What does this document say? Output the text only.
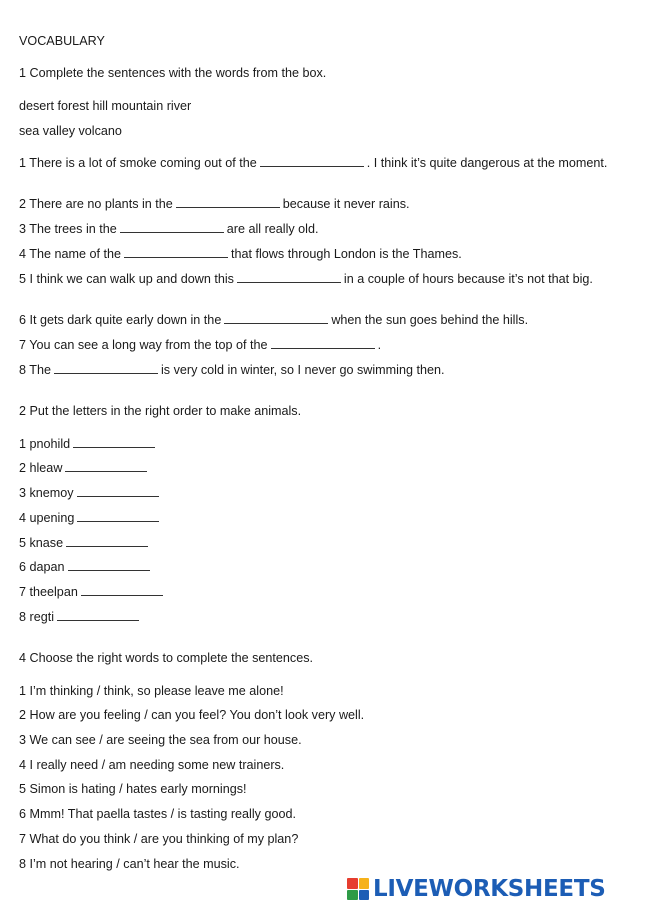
VOCABULARY
1 Complete the sentences with the words from the box.
desert forest hill mountain river
sea valley volcano
1 There is a lot of smoke coming out of the	. I think it’s quite dangerous at the moment.
2 There are no plants in the	because it never rains.
3 The trees in the	are all really old.
4 The name of the	that flows through London is the Thames.
5 I think we can walk up and down this	in a couple of hours because it’s not that big.
6 It gets dark quite early down in the	when the sun goes behind the hills.
7 You can see a long way from the top of the	.
8 The	is very cold in winter, so I never go swimming then.
2 Put the letters in the right order to make animals.
1 pnohild
2 hleaw
3 knemoy
4 upening
5 knase
6 dapan
7 theelpan
8 regti
4 Choose the right words to complete the sentences.
1 I’m thinking / think, so please leave me alone!
2 How are you feeling / can you feel? You don’t look very well.
3 We can see / are seeing the sea from our house.
4 I really need / am needing some new trainers.
5 Simon is hating / hates early mornings!
6 Mmm! That paella tastes / is tasting really good.
7 What do you think / are you thinking of my plan?
8 I’m not hearing / can’t hear the music.
LIVEWORKSHEETS
